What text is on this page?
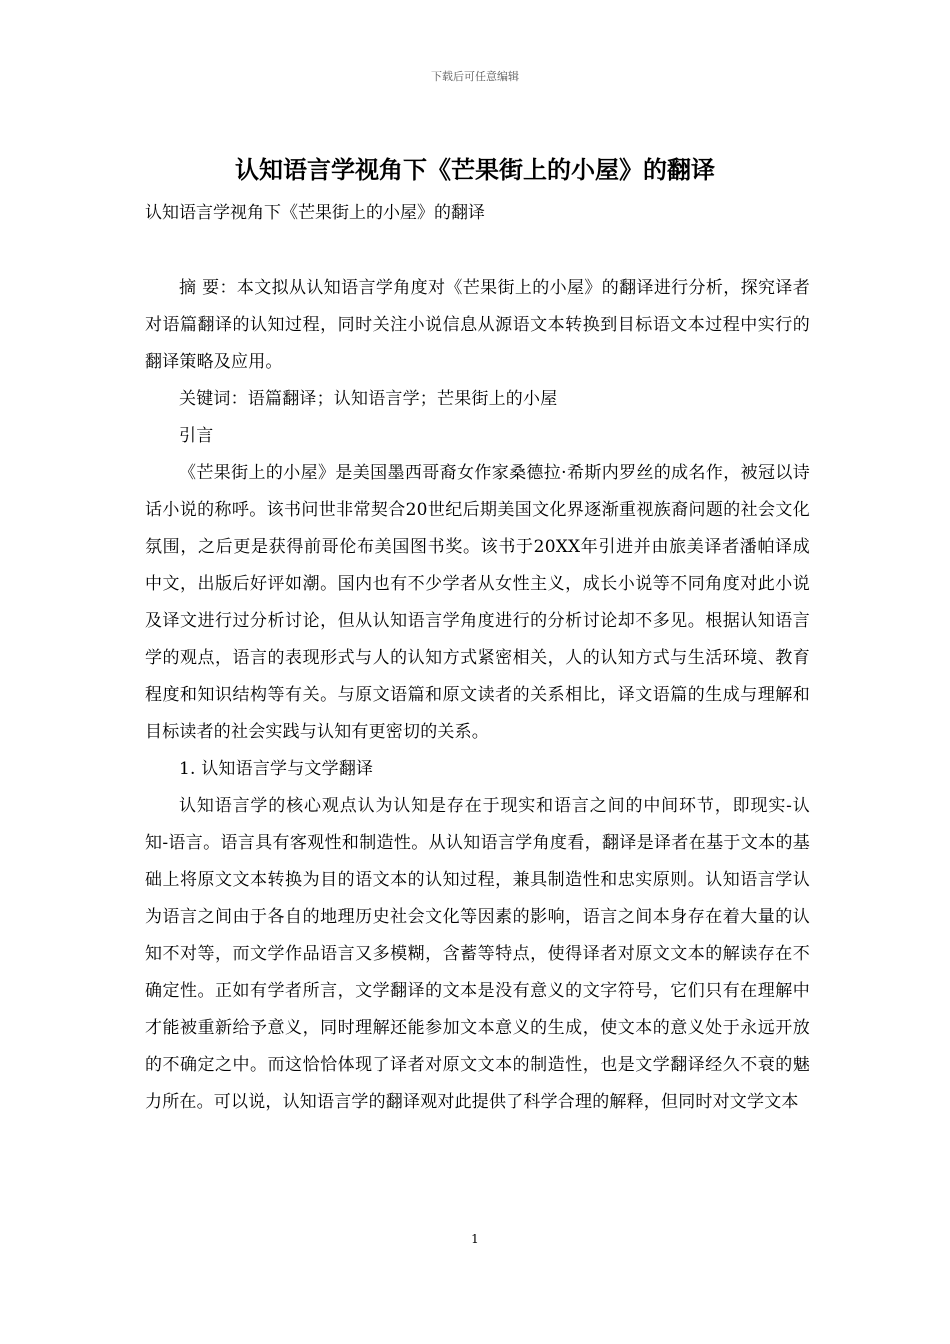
下载后可任意编辑
认知语言学视角下《芒果街上的小屋》的翻译

认知语言学视角下《芒果街上的小屋》的翻译

摘 要：本文拟从认知语言学角度对《芒果街上的小屋》的翻译进行分析，探究译者对语篇翻译的认知过程，同时关注小说信息从源语文本转换到目标语文本过程中实行的翻译策略及应用。

关键词：语篇翻译；认知语言学；芒果街上的小屋

引言

《芒果街上的小屋》是美国墨西哥裔女作家桑德拉·希斯内罗丝的成名作，被冠以诗话小说的称呼。该书问世非常契合20世纪后期美国文化界逐渐重视族裔问题的社会文化氛围，之后更是获得前哥伦布美国图书奖。该书于20XX年引进并由旅美译者潘帕译成中文，出版后好评如潮。国内也有不少学者从女性主义，成长小说等不同角度对此小说及译文进行过分析讨论，但从认知语言学角度进行的分析讨论却不多见。根据认知语言学的观点，语言的表现形式与人的认知方式紧密相关，人的认知方式与生活环境、教育程度和知识结构等有关。与原文语篇和原文读者的关系相比，译文语篇的生成与理解和目标读者的社会实践与认知有更密切的关系。

1. 认知语言学与文学翻译

认知语言学的核心观点认为认知是存在于现实和语言之间的中间环节，即现实-认知-语言。语言具有客观性和制造性。从认知语言学角度看，翻译是译者在基于文本的基础上将原文文本转换为目的语文本的认知过程，兼具制造性和忠实原则。认知语言学认为语言之间由于各自的地理历史社会文化等因素的影响，语言之间本身存在着大量的认知不对等，而文学作品语言又多模糊，含蓄等特点，使得译者对原文文本的解读存在不确定性。正如有学者所言，文学翻译的文本是没有意义的文字符号，它们只有在理解中才能被重新给予意义，同时理解还能参加文本意义的生成，使文本的意义处于永远开放的不确定之中。而这恰恰体现了译者对原文文本的制造性，也是文学翻译经久不衰的魅力所在。可以说，认知语言学的翻译观对此提供了科学合理的解释，但同时对文学文本

1
